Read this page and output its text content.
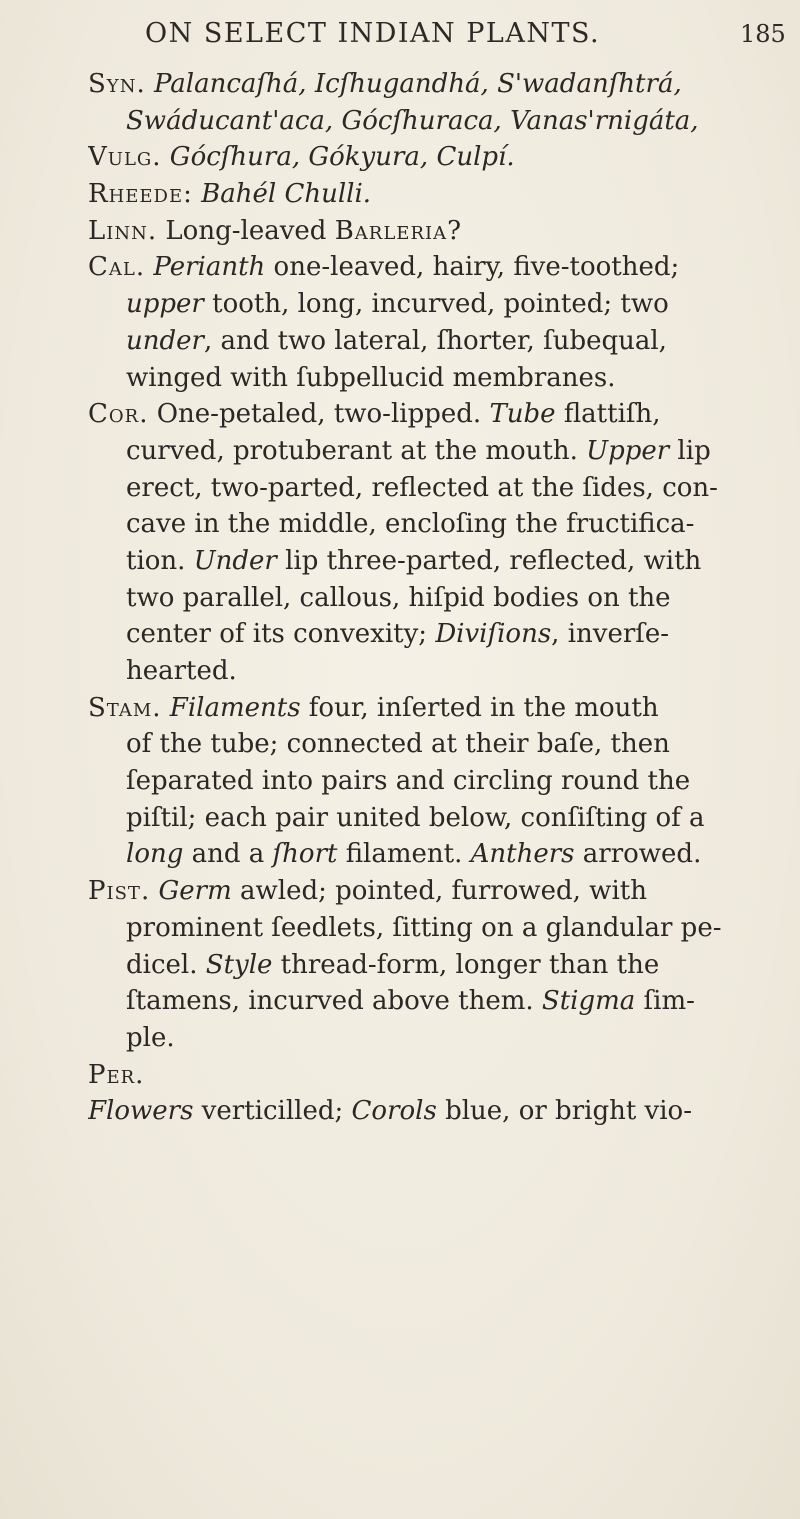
ON SELECT INDIAN PLANTS.	185
Syn. Palancaſhá, Icſhugandhá, S'wadanſhtrá,
Swáducant'aca, Gócſhuraca, Vanas'rnigáta,
Vulg. Gócſhura, Gókyura, Culpí.
Rheede: Bahél Chulli.
Linn. Long-leaved Barleria?
Cal. Perianth one-leaved, hairy, five-toothed;
upper tooth, long, incurved, pointed; two
under, and two lateral, ſhorter, ſubequal,
winged with ſubpellucid membranes.
Cor. One-petaled, two-lipped. Tube flattiſh,
curved, protuberant at the mouth. Upper lip
erect, two-parted, reflected at the ſides, con-
cave in the middle, encloſing the fructifica-
tion. Under lip three-parted, reflected, with
two parallel, callous, hiſpid bodies on the
center of its convexity; Diviſions, inverſe-
hearted.
Stam. Filaments four, inſerted in the mouth
of the tube; connected at their baſe, then
ſeparated into pairs and circling round the
piſtil; each pair united below, conſiſting of a
long and a ſhort filament. Anthers arrowed.
Pist. Germ awled; pointed, furrowed, with
prominent ſeedlets, ſitting on a glandular pe-
dicel. Style thread-form, longer than the
ſtamens, incurved above them. Stigma ſim-
ple.
Per.
Flowers verticilled; Corols blue, or bright vio-
